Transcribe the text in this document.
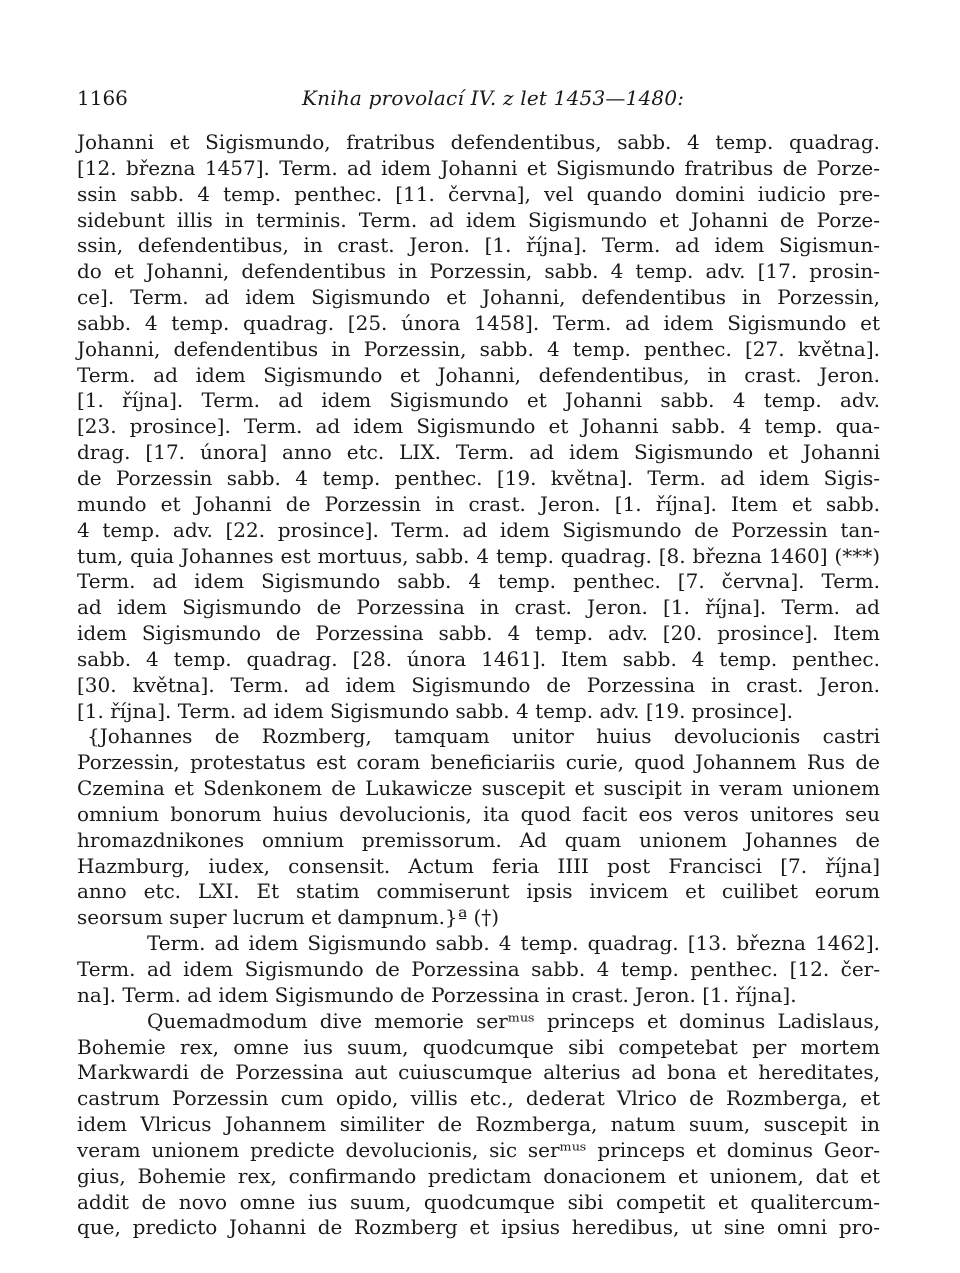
1166	Kniha provolací IV. z let 1453—1480:
Johanni et Sigismundo, fratribus defendentibus, sabb. 4 temp. quadrag.
[12. března 1457]. Term. ad idem Johanni et Sigismundo fratribus de Porze-
ssin sabb. 4 temp. penthec. [11. června], vel quando domini iudicio pre-
sidebunt illis in terminis. Term. ad idem Sigismundo et Johanni de Porze-
ssin, defendentibus, in crast. Jeron. [1. října]. Term. ad idem Sigismun-
do et Johanni, defendentibus in Porzessin, sabb. 4 temp. adv. [17. prosin-
ce]. Term. ad idem Sigismundo et Johanni, defendentibus in Porzessin,
sabb. 4 temp. quadrag. [25. února 1458]. Term. ad idem Sigismundo et
Johanni, defendentibus in Porzessin, sabb. 4 temp. penthec. [27. května].
Term. ad idem Sigismundo et Johanni, defendentibus, in crast. Jeron.
[1. října]. Term. ad idem Sigismundo et Johanni sabb. 4 temp. adv.
[23. prosince]. Term. ad idem Sigismundo et Johanni sabb. 4 temp. qua-
drag. [17. února] anno etc. LIX. Term. ad idem Sigismundo et Johanni
de Porzessin sabb. 4 temp. penthec. [19. května]. Term. ad idem Sigis-
mundo et Johanni de Porzessin in crast. Jeron. [1. října]. Item et sabb.
4 temp. adv. [22. prosince]. Term. ad idem Sigismundo de Porzessin tan-
tum, quia Johannes est mortuus, sabb. 4 temp. quadrag. [8. března 1460] (***)
Term. ad idem Sigismundo sabb. 4 temp. penthec. [7. června]. Term.
ad idem Sigismundo de Porzessina in crast. Jeron. [1. října]. Term. ad
idem Sigismundo de Porzessina sabb. 4 temp. adv. [20. prosince]. Item
sabb. 4 temp. quadrag. [28. února 1461]. Item sabb. 4 temp. penthec.
[30. května]. Term. ad idem Sigismundo de Porzessina in crast. Jeron.
[1. října]. Term. ad idem Sigismundo sabb. 4 temp. adv. [19. prosince].
{Johannes de Rozmberg, tamquam unitor huius devolucionis castri
Porzessin, protestatus est coram beneficiariis curie, quod Johannem Rus de
Czemina et Sdenkonem de Lukawicze suscepit et suscipit in veram unionem
omnium bonorum huius devolucionis, ita quod facit eos veros unitores seu
hromazdnikones omnium premissorum. Ad quam unionem Johannes de
Hazmburg, iudex, consensit. Actum feria IIII post Francisci [7. října]
anno etc. LXI. Et statim commiserunt ipsis invicem et cuilibet eorum
seorsum super lucrum et dampnum.}ª (†)
Term. ad idem Sigismundo sabb. 4 temp. quadrag. [13. března 1462].
Term. ad idem Sigismundo de Porzessina sabb. 4 temp. penthec. [12. čer-
na]. Term. ad idem Sigismundo de Porzessina in crast. Jeron. [1. října].
Quemadmodum dive memorie serᵐᵘˢ princeps et dominus Ladislaus,
Bohemie rex, omne ius suum, quodcumque sibi competebat per mortem
Markwardi de Porzessina aut cuiuscumque alterius ad bona et hereditates,
castrum Porzessin cum opido, villis etc., dederat Vlrico de Rozmberga, et
idem Vlricus Johannem similiter de Rozmberga, natum suum, suscepit in
veram unionem predicte devolucionis, sic serᵐᵘˢ princeps et dominus Geor-
gius, Bohemie rex, confirmando predictam donacionem et unionem, dat et
addit de novo omne ius suum, quodcumque sibi competit et qualitercum-
que, predicto Johanni de Rozmberg et ipsius heredibus, ut sine omni pro-
